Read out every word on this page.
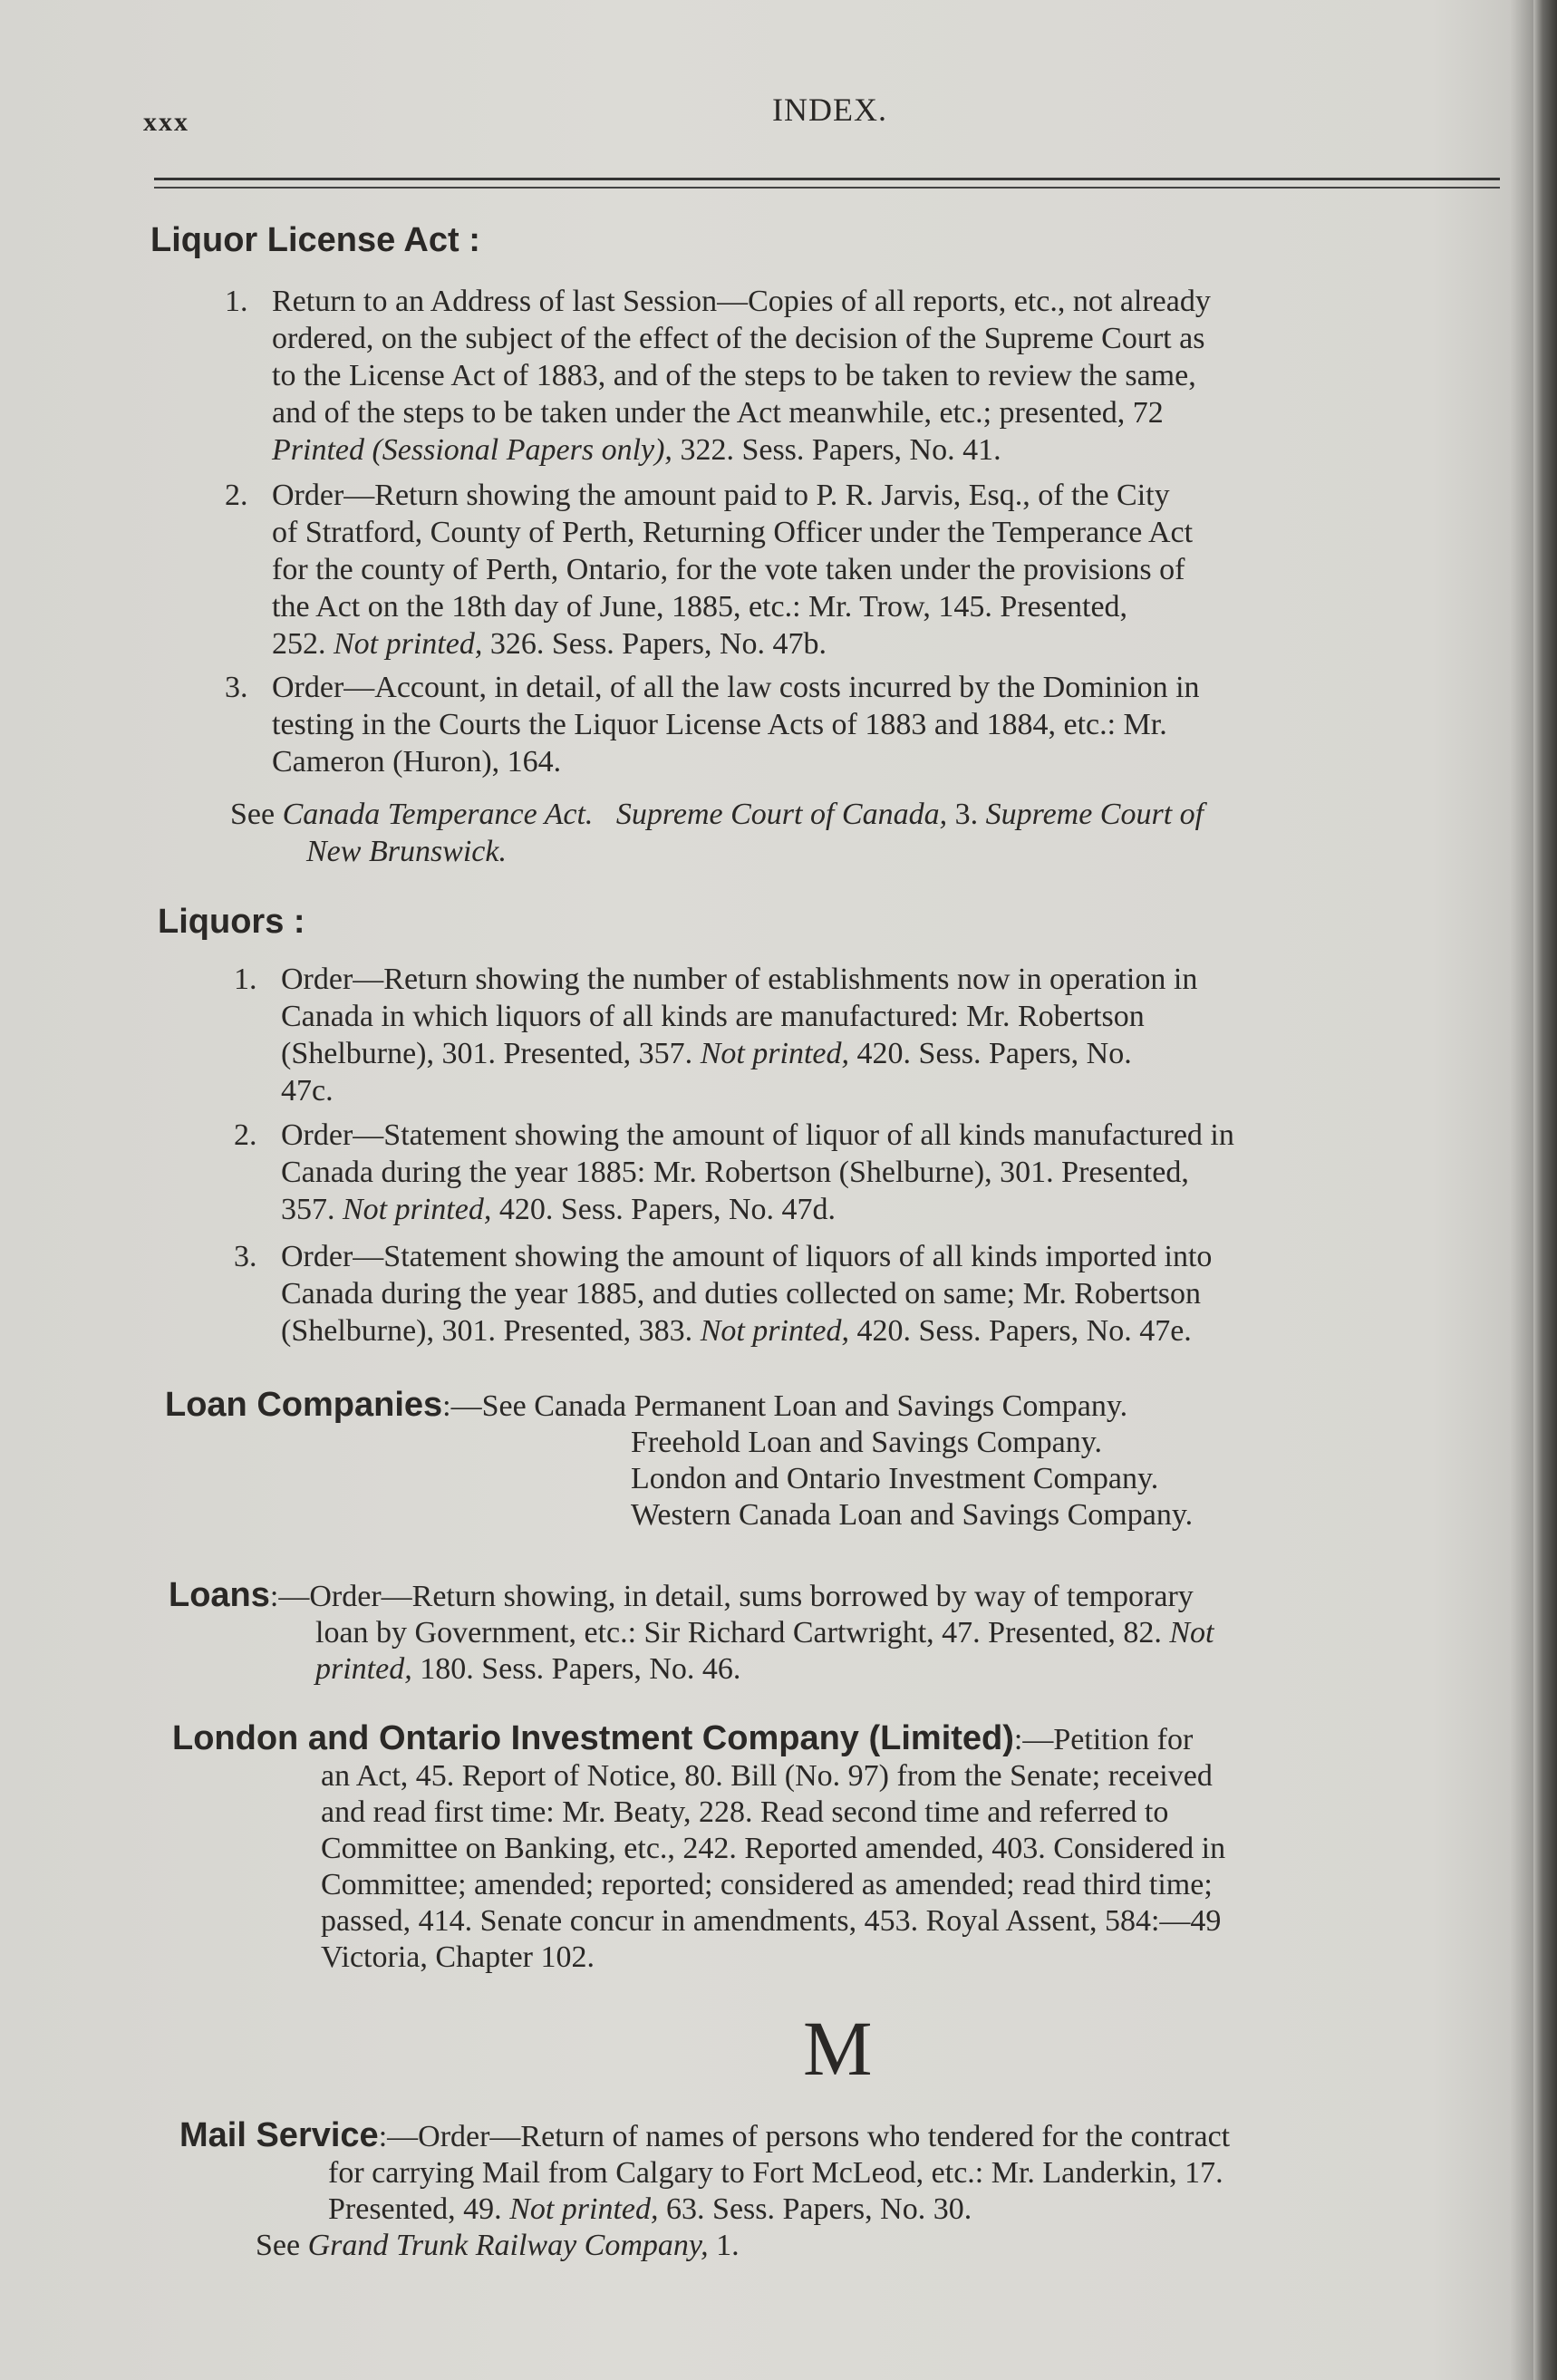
xxx	INDEX.
Liquor License Act :
1. Return to an Address of last Session—Copies of all reports, etc., not already
ordered, on the subject of the effect of the decision of the Supreme Court as
to the License Act of 1883, and of the steps to be taken to review the same,
and of the steps to be taken under the Act meanwhile, etc.; presented, 72
Printed (Sessional Papers only), 322. Sess. Papers, No. 41.
2. Order—Return showing the amount paid to P. R. Jarvis, Esq., of the City
of Stratford, County of Perth, Returning Officer under the Temperance Act
for the county of Perth, Ontario, for the vote taken under the provisions of
the Act on the 18th day of June, 1885, etc.: Mr. Trow, 145. Presented,
252. Not printed, 326. Sess. Papers, No. 47b.
3. Order—Account, in detail, of all the law costs incurred by the Dominion in
testing in the Courts the Liquor License Acts of 1883 and 1884, etc.: Mr.
Cameron (Huron), 164.
See Canada Temperance Act. Supreme Court of Canada, 3. Supreme Court of
New Brunswick.
Liquors :
1. Order—Return showing the number of establishments now in operation in
Canada in which liquors of all kinds are manufactured: Mr. Robertson
(Shelburne), 301. Presented, 357. Not printed, 420. Sess. Papers, No.
47c.
2. Order—Statement showing the amount of liquor of all kinds manufactured in
Canada during the year 1885: Mr. Robertson (Shelburne), 301. Presented,
357. Not printed, 420. Sess. Papers, No. 47d.
3. Order—Statement showing the amount of liquors of all kinds imported into
Canada during the year 1885, and duties collected on same; Mr. Robertson
(Shelburne), 301. Presented, 383. Not printed, 420. Sess. Papers, No. 47e.
Loan Companies:—See Canada Permanent Loan and Savings Company.
Freehold Loan and Savings Company.
London and Ontario Investment Company.
Western Canada Loan and Savings Company.
Loans:—Order—Return showing, in detail, sums borrowed by way of temporary
loan by Government, etc.: Sir Richard Cartwright, 47. Presented, 82. Not
printed, 180. Sess. Papers, No. 46.
London and Ontario Investment Company (Limited):—Petition for
an Act, 45. Report of Notice, 80. Bill (No. 97) from the Senate; received
and read first time: Mr. Beaty, 228. Read second time and referred to
Committee on Banking, etc., 242. Reported amended, 403. Considered in
Committee; amended; reported; considered as amended; read third time;
passed, 414. Senate concur in amendments, 453. Royal Assent, 584:—49
Victoria, Chapter 102.
M
Mail Service:—Order—Return of names of persons who tendered for the contract
for carrying Mail from Calgary to Fort McLeod, etc.: Mr. Landerkin, 17.
Presented, 49. Not printed, 63. Sess. Papers, No. 30.
See Grand Trunk Railway Company, 1.
